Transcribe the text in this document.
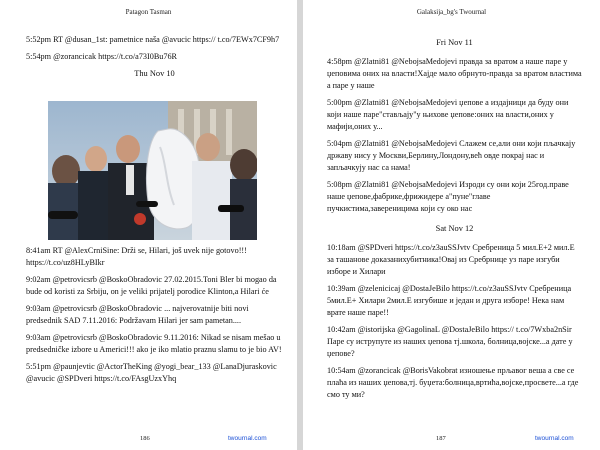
Patagon Tasman

5:52pm RT @dusan_1st: pametnice naša @avucic https:// t.co/7EWx7CF9h7

5:54pm @zorancicak https://t.co/a73I0Bu76R

Thu Nov 10

8:41am RT @AlexCrniSine: Drži se, Hilari, još uvek nije gotovo!!! https://t.co/uz8HLyBIkr

9:02am @petrovicsrb @BoskoObradovic 27.02.2015.Toni Bler bi mogao da bude od koristi za Srbiju, on je veliki prijatelj porodice Klinton,a Hilari će

9:03am @petrovicsrb @BoskoObradovic ... najverovatnije biti novi predsednik SAD 7.11.2016: Podržavam Hilari jer sam pametan....

9:03am @petrovicsrb @BoskoObradovic 9.11.2016: Nikad se nisam mešao u predsedničke izbore u Americi!!! ako je iko mlatio praznu slamu to je bio AV!

5:51pm @paunjevtic @ActorTheKing @yogi_bear_133 @LanaDjuraskovic @avucic @SPDveri https://t.co/FAsgUzxYhq

186	twournal.com
Galaksija_bg's Twournal
Fri Nov 11

4:58pm @Zlatni81 @NebojsaMedojevi правда за вратом а наше паре у џеповима оних на власти!Хајде мало обрнуто-правда за вратом властима а паре у наше

5:00pm @Zlatni81 @NebojsaMedojevi џепове а издајници да буду они који наше паре"стављају"у њихове џепове:оних на власти,оних у мафији,оних у...

5:04pm @Zlatni81 @NebojsaMedojevi Слажем се,али они који пљачкају државу нису у Москви,Берлину,Лондону,већ овде покрај нас и запљачкују нас са нама!

5:08pm @Zlatni81 @NebojsaMedojevi Изроди су они који 25год.праве наше џепове,фабрике,фрижидере а"пуне"главе пучкистима,завереницима који су око нас

Sat Nov 12

10:18am @SPDveri https://t.co/z3auSSJvtv Сребреница 5 мил.Е+2 мил.Е за ташанове доказанихубитника!Овај из Сребрнице уз паре изгуби изборе и Хилари

10:39am @zelenicicaj @DostaJeBilo https://t.co/z3auSSJvtv Сребреница 5мил.Е+ Хилари 2мил.Е изгубише и један и друга изборе! Нека нам врате наше паре!!

10:42am @istorijska @GagolinaL @DostaJeBilo https:// t.co/7Wxba2nSir Паре су иструпуте из наших џепова тј.школа, болница,војске...а дате у џепове?

10:54am @zorancicak @BorisVakobrat изношење прљавог веша а све се плаћа из наших џепова,тј. буџета:болница,вртића,војске,просвете...а где смо ту ми?

187	twournal.com
